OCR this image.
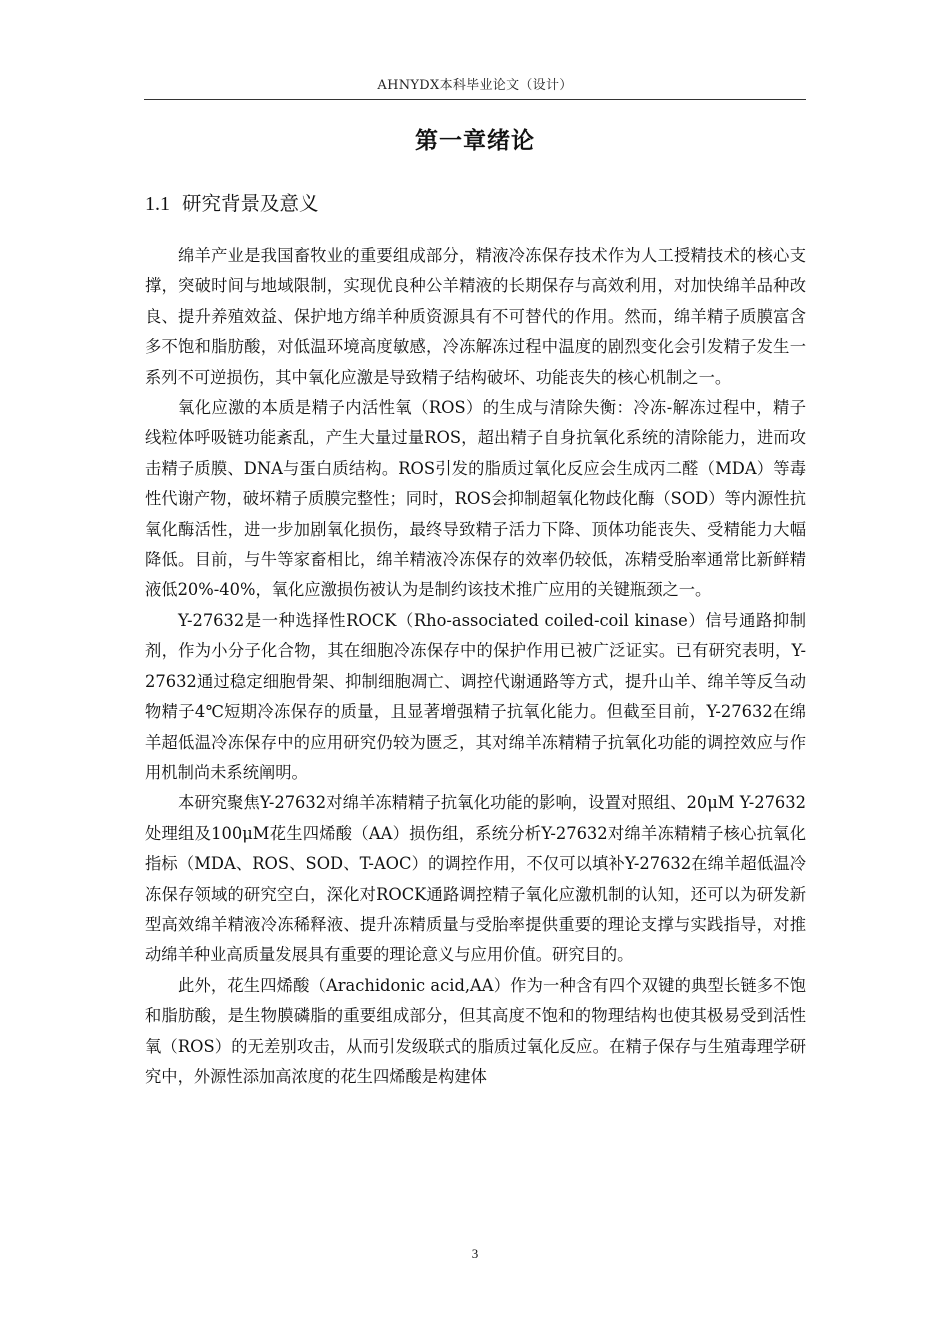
AHNYDX本科毕业论文（设计）
第一章绪论
1.1 研究背景及意义

绵羊产业是我国畜牧业的重要组成部分，精液冷冻保存技术作为人工授精技术的核心支撑，突破时间与地域限制，实现优良种公羊精液的长期保存与高效利用，对加快绵羊品种改良、提升养殖效益、保护地方绵羊种质资源具有不可替代的作用。然而，绵羊精子质膜富含多不饱和脂肪酸，对低温环境高度敏感，冷冻解冻过程中温度的剧烈变化会引发精子发生一系列不可逆损伤，其中氧化应激是导致精子结构破坏、功能丧失的核心机制之一。

氧化应激的本质是精子内活性氧（ROS）的生成与清除失衡：冷冻-解冻过程中，精子线粒体呼吸链功能紊乱，产生大量过量ROS，超出精子自身抗氧化系统的清除能力，进而攻击精子质膜、DNA与蛋白质结构。ROS引发的脂质过氧化反应会生成丙二醛（MDA）等毒性代谢产物，破坏精子质膜完整性；同时，ROS会抑制超氧化物歧化酶（SOD）等内源性抗氧化酶活性，进一步加剧氧化损伤，最终导致精子活力下降、顶体功能丧失、受精能力大幅降低。目前，与牛等家畜相比，绵羊精液冷冻保存的效率仍较低，冻精受胎率通常比新鲜精液低20%-40%，氧化应激损伤被认为是制约该技术推广应用的关键瓶颈之一。

Y-27632是一种选择性ROCK（Rho-associated coiled-coil kinase）信号通路抑制剂，作为小分子化合物，其在细胞冷冻保存中的保护作用已被广泛证实。已有研究表明，Y-27632通过稳定细胞骨架、抑制细胞凋亡、调控代谢通路等方式，提升山羊、绵羊等反刍动物精子4℃短期冷冻保存的质量，且显著增强精子抗氧化能力。但截至目前，Y-27632在绵羊超低温冷冻保存中的应用研究仍较为匮乏，其对绵羊冻精精子抗氧化功能的调控效应与作用机制尚未系统阐明。

本研究聚焦Y-27632对绵羊冻精精子抗氧化功能的影响，设置对照组、20μM Y-27632处理组及100μM花生四烯酸（AA）损伤组，系统分析Y-27632对绵羊冻精精子核心抗氧化指标（MDA、ROS、SOD、T-AOC）的调控作用，不仅可以填补Y-27632在绵羊超低温冷冻保存领域的研究空白，深化对ROCK通路调控精子氧化应激机制的认知，还可以为研发新型高效绵羊精液冷冻稀释液、提升冻精质量与受胎率提供重要的理论支撑与实践指导，对推动绵羊种业高质量发展具有重要的理论意义与应用价值。研究目的。

此外，花生四烯酸（Arachidonic acid,AA）作为一种含有四个双键的典型长链多不饱和脂肪酸，是生物膜磷脂的重要组成部分，但其高度不饱和的物理结构也使其极易受到活性氧（ROS）的无差别攻击，从而引发级联式的脂质过氧化反应。在精子保存与生殖毒理学研究中，外源性添加高浓度的花生四烯酸是构建体

3
